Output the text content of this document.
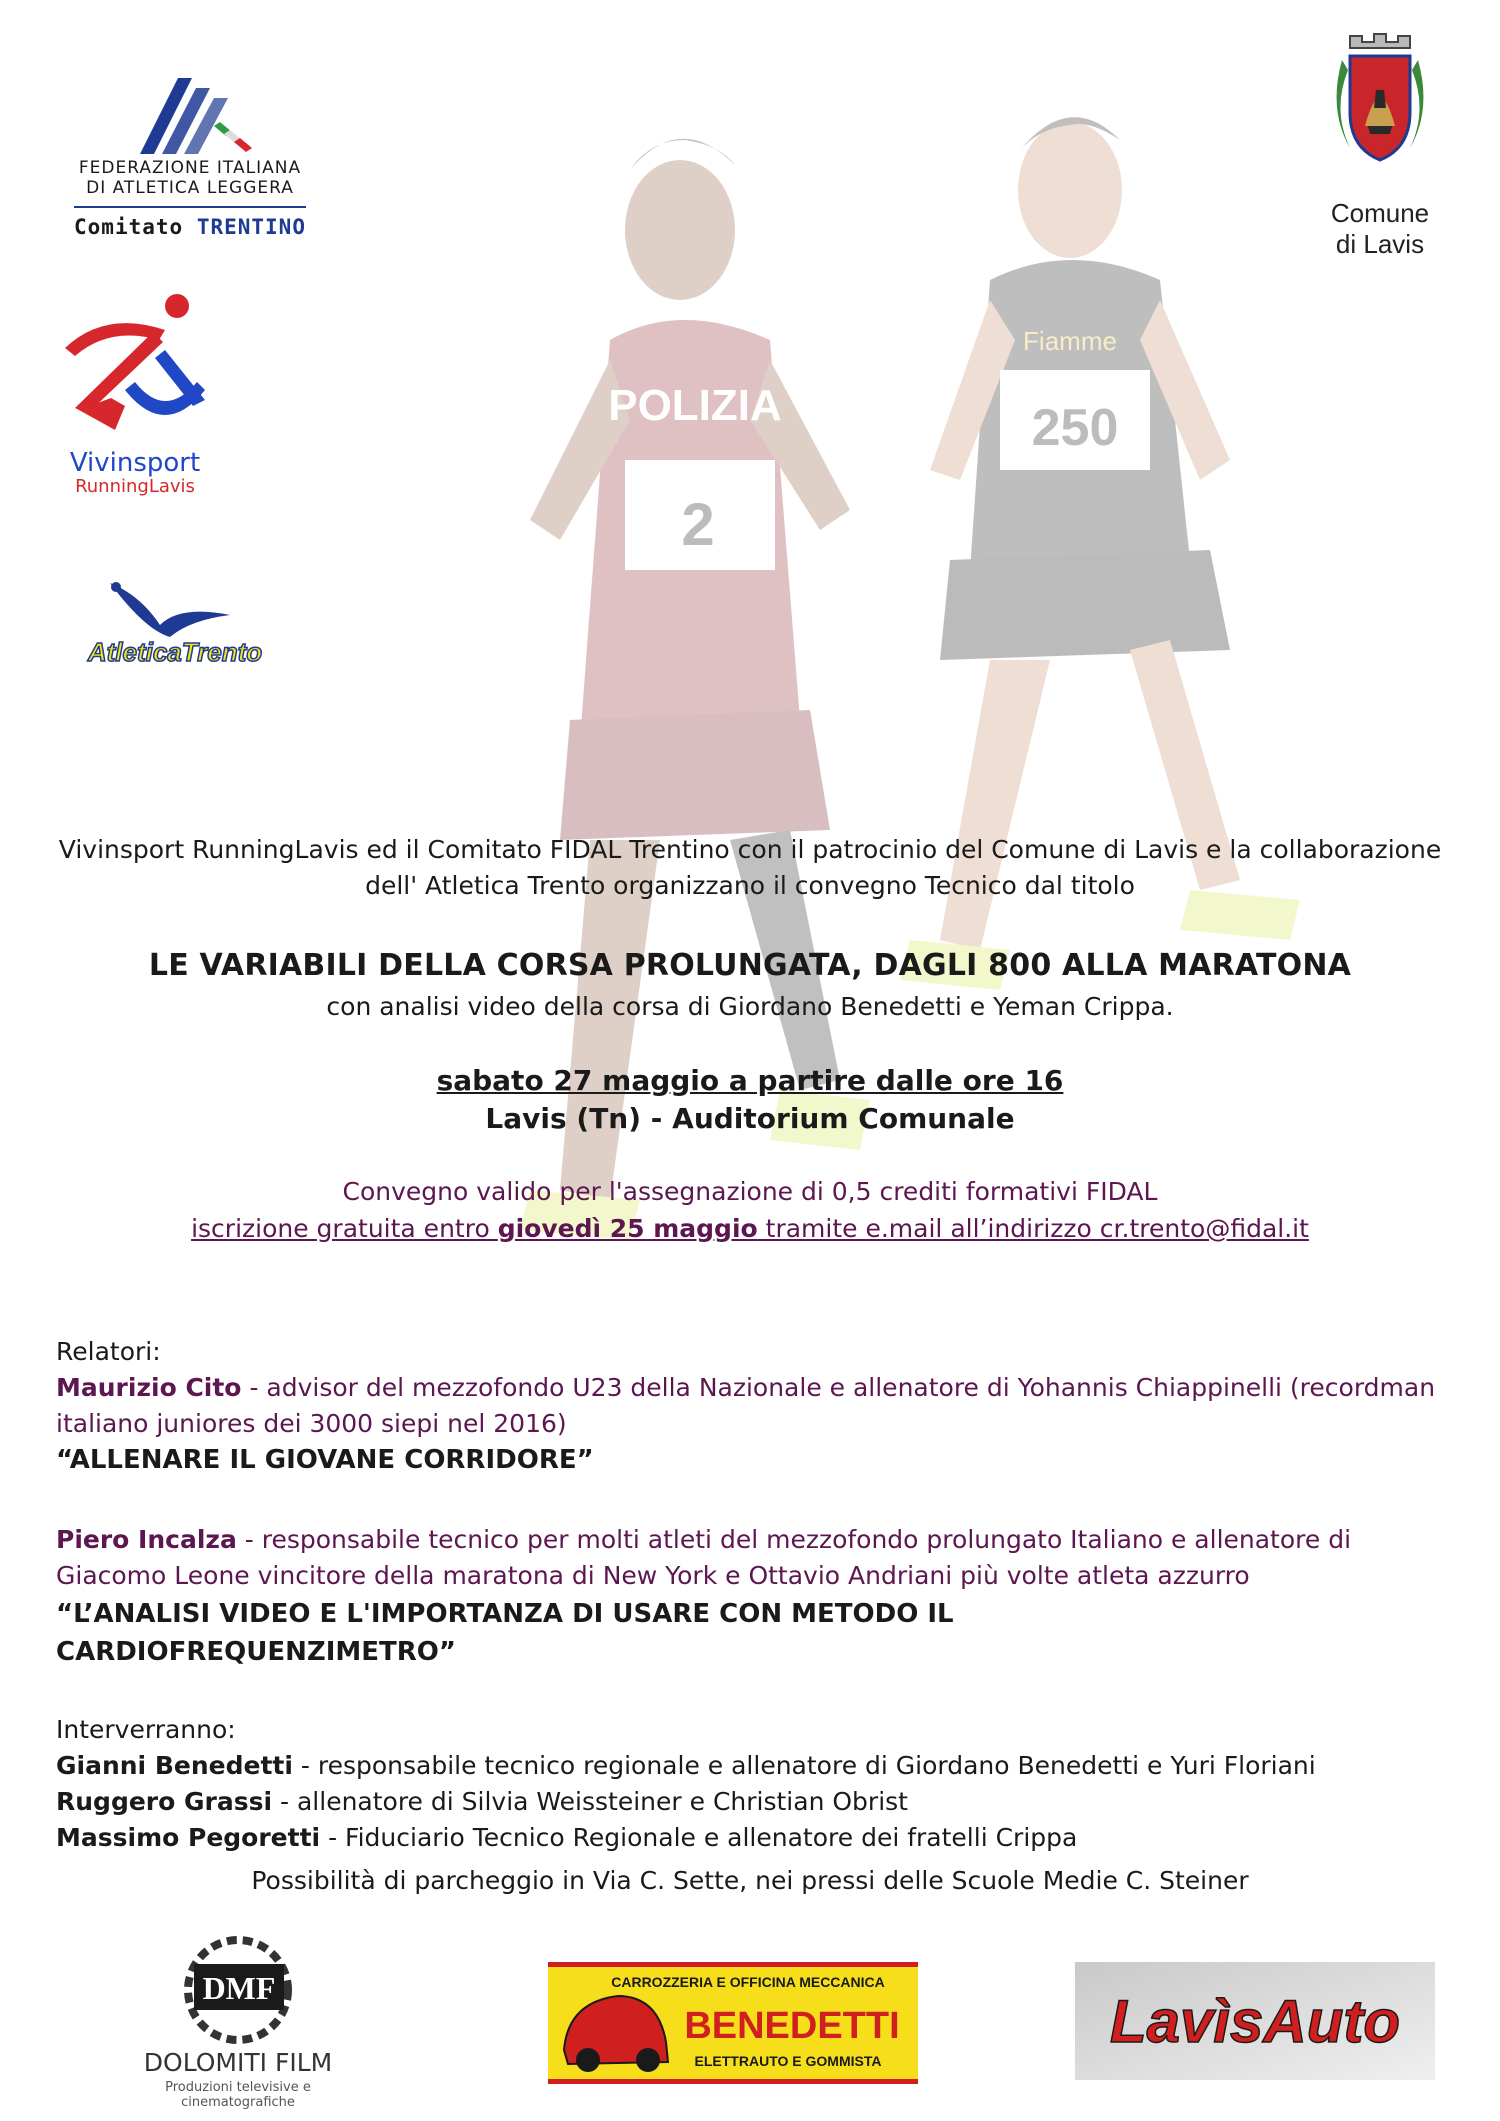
POLIZIA
2
250
Fiamme
FEDERAZIONE ITALIANA
DI ATLETICA LEGGERA
Comitato TRENTINO
Vivinsport
RunningLavis
AtleticaTrento
Comune
di Lavis
Vivinsport RunningLavis ed il Comitato FIDAL Trentino con il patrocinio del Comune di Lavis e la collaborazione
dell' Atletica Trento organizzano il convegno Tecnico dal titolo
LE VARIABILI DELLA CORSA PROLUNGATA, DAGLI 800 ALLA MARATONA
con analisi video della corsa di Giordano Benedetti e Yeman Crippa.
sabato 27 maggio a partire dalle ore 16
Lavis (Tn) - Auditorium Comunale
Convegno valido per l'assegnazione di 0,5 crediti formativi FIDAL
iscrizione gratuita entro giovedì 25 maggio tramite e.mail all’indirizzo cr.trento@fidal.it
Relatori:
Maurizio Cito - advisor del mezzofondo U23 della Nazionale e allenatore di Yohannis Chiappinelli (recordman
italiano juniores dei 3000 siepi nel 2016)
“ALLENARE IL GIOVANE CORRIDORE”
Piero Incalza - responsabile tecnico per molti atleti del mezzofondo prolungato Italiano e allenatore di
Giacomo Leone vincitore della maratona di New York e Ottavio Andriani più volte atleta azzurro
“L’ANALISI VIDEO E L'IMPORTANZA DI USARE CON METODO IL
CARDIOFREQUENZIMETRO”
Interverranno:
Gianni Benedetti - responsabile tecnico regionale e allenatore di Giordano Benedetti e Yuri Floriani
Ruggero Grassi - allenatore di Silvia Weissteiner e Christian Obrist
Massimo Pegoretti - Fiduciario Tecnico Regionale e allenatore dei fratelli Crippa
Possibilità di parcheggio in Via C. Sette, nei pressi delle Scuole Medie C. Steiner
DMF
DOLOMITI FILM
Produzioni televisive e cinematografiche
CARROZZERIA E OFFICINA MECCANICA
BENEDETTI
ELETTRAUTO E GOMMISTA
LavìsAuto
